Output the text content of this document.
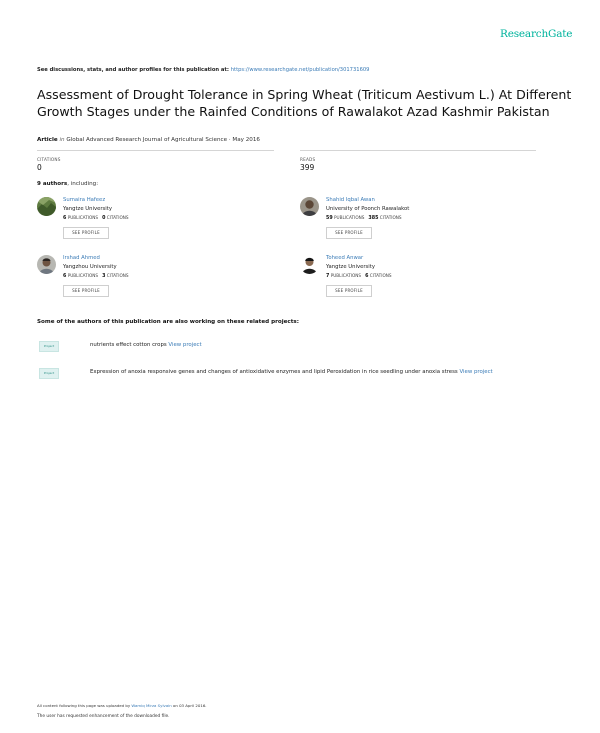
ResearchGate
See discussions, stats, and author profiles for this publication at: https://www.researchgate.net/publication/301731609
Assessment of Drought Tolerance in Spring Wheat (Triticum Aestivum L.) At Different Growth Stages under the Rainfed Conditions of Rawalakot Azad Kashmir Pakistan
Article in Global Advanced Research Journal of Agricultural Science · May 2016
CITATIONS
0
READS
399
9 authors, including:
Sumaira Hafeez
Yangtze University
6 PUBLICATIONS 0 CITATIONS
SEE PROFILE
Shahid Iqbal Awan
University of Poonch Rawalakot
59 PUBLICATIONS 385 CITATIONS
SEE PROFILE
Irshad Ahmed
Yangzhou University
6 PUBLICATIONS 3 CITATIONS
SEE PROFILE
Toheed Anwar
Yangtze University
7 PUBLICATIONS 6 CITATIONS
SEE PROFILE
Some of the authors of this publication are also working on these related projects:
Project	nutrients effect cotton crops View project
Project	Expression of anoxia responsive genes and changes of antioxidative enzymes and lipid Peroxidation in rice seedling under anoxia stress View project
All content following this page was uploaded by Wamiq Mirza Sylvain on 03 April 2016.
The user has requested enhancement of the downloaded file.
